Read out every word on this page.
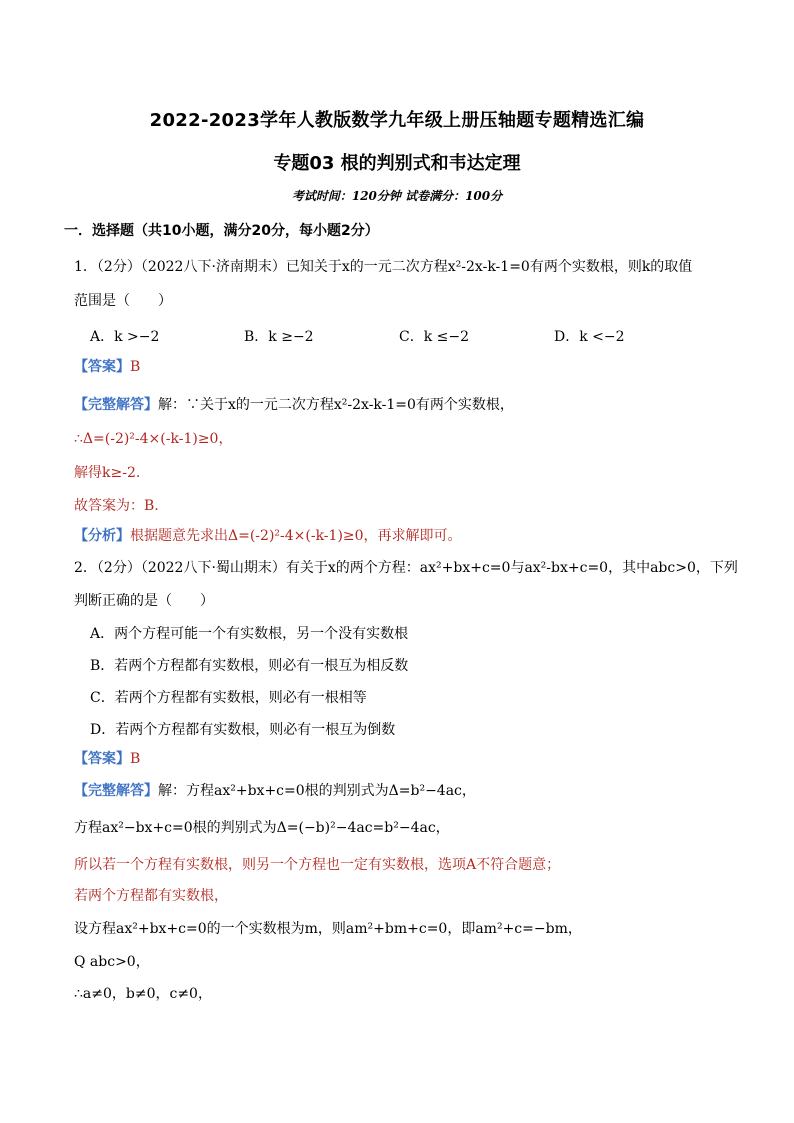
2022-2023学年人教版数学九年级上册压轴题专题精选汇编
专题03 根的判别式和韦达定理
考试时间：120分钟 试卷满分：100分
一．选择题（共10小题，满分20分，每小题2分）
1．（2分）（2022八下·济南期末）已知关于x的一元二次方程x²-2x-k-1=0有两个实数根，则k的取值
范围是（　　）
A．k >−2	B．k ≥−2	C．k ≤−2	D．k <−2
【答案】B
【完整解答】解：∵关于x的一元二次方程x²-2x-k-1=0有两个实数根，
∴Δ=(-2)²-4×(-k-1)≥0，
解得k≥-2.
故答案为：B.
【分析】根据题意先求出Δ=(-2)²-4×(-k-1)≥0，再求解即可。
2．（2分）（2022八下·蜀山期末）有关于x的两个方程：ax²+bx+c=0与ax²-bx+c=0，其中abc>0，下列
判断正确的是（　　）
A．两个方程可能一个有实数根，另一个没有实数根
B．若两个方程都有实数根，则必有一根互为相反数
C．若两个方程都有实数根，则必有一根相等
D．若两个方程都有实数根，则必有一根互为倒数
【答案】B
【完整解答】解：方程ax²+bx+c=0根的判别式为Δ=b²−4ac，
方程ax²−bx+c=0根的判别式为Δ=(−b)²−4ac=b²−4ac，
所以若一个方程有实数根，则另一个方程也一定有实数根，选项A不符合题意；
若两个方程都有实数根，
设方程ax²+bx+c=0的一个实数根为m，则am²+bm+c=0，即am²+c=−bm，
Q abc>0，
∴a≠0，b≠0，c≠0，
